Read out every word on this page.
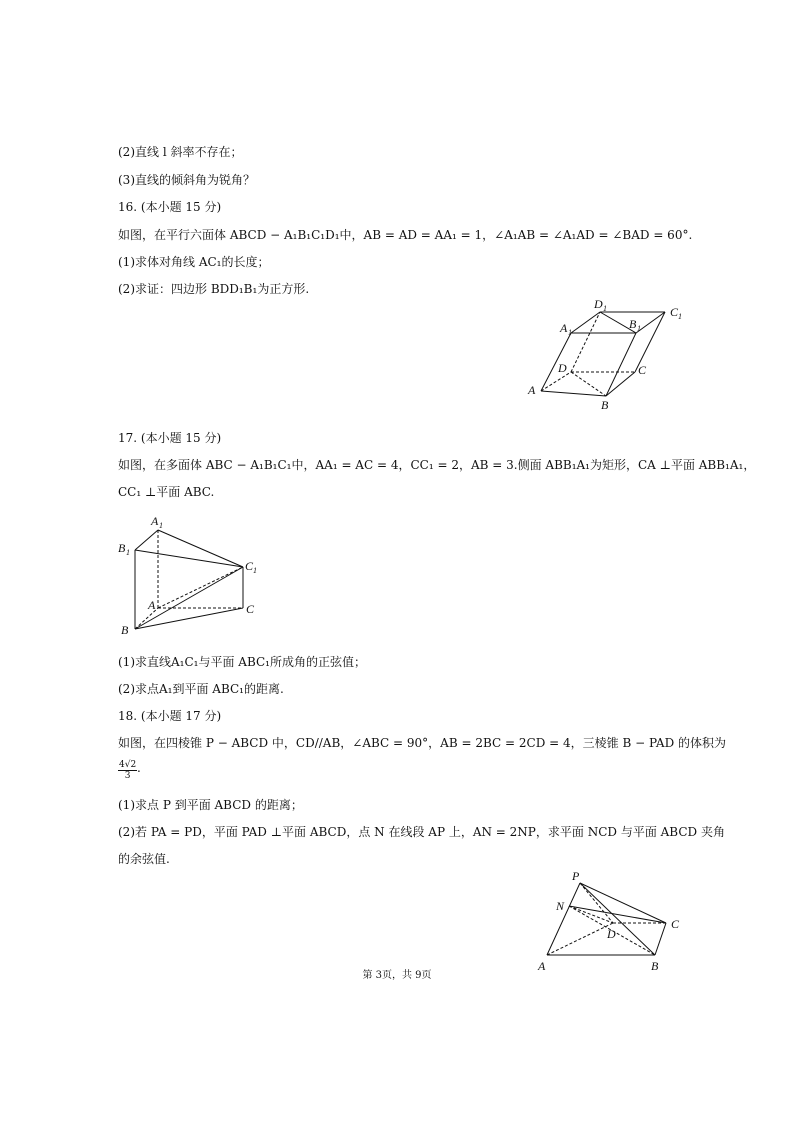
(2)直线 l 斜率不存在；
(3)直线的倾斜角为锐角？
16. (本小题 15 分)
如图，在平行六面体 ABCD − A₁B₁C₁D₁中，AB = AD = AA₁ = 1，∠A₁AB = ∠A₁AD = ∠BAD = 60°.
(1)求体对角线 AC₁的长度；
(2)求证：四边形 BDD₁B₁为正方形.
A
B
C
D
A 1
B 1
C 1
D 1
17. (本小题 15 分)
如图，在多面体 ABC − A₁B₁C₁中，AA₁ = AC = 4，CC₁ = 2，AB = 3.侧面 ABB₁A₁为矩形，CA ⊥平面 ABB₁A₁，
CC₁ ⊥平面 ABC.
A 1
B 1
C 1
A	C
B
(1)求直线A₁C₁与平面 ABC₁所成角的正弦值；
(2)求点A₁到平面 ABC₁的距离.
18. (本小题 17 分)
如图，在四棱锥 P − ABCD 中，CD//AB，∠ABC = 90°，AB = 2BC = 2CD = 4，三棱锥 B − PAD 的体积为
$\frac{4√2}{3}$ .
(1)求点 P 到平面 ABCD 的距离；
(2)若 PA = PD，平面 PAD ⊥平面 ABCD，点 N 在线段 AP 上，AN = 2NP，求平面 NCD 与平面 ABCD 夹角
的余弦值.
P
N
D
C
A	B
第 3页，共 9页
